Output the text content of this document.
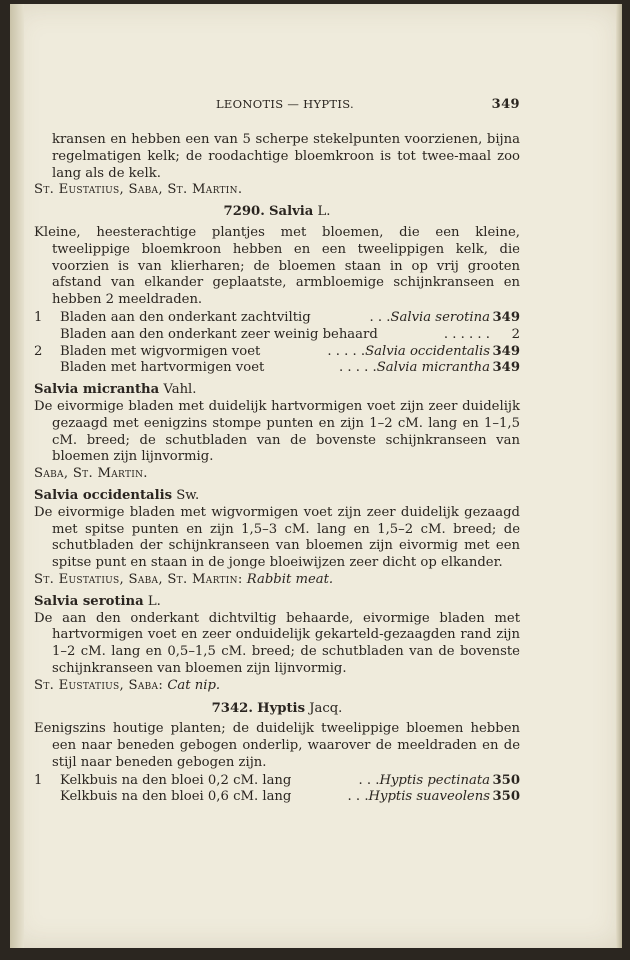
LEONOTIS — HYPTIS.	349

kransen en hebben een van 5 scherpe stekelpunten voorzienen, bijna regelmatigen kelk; de roodachtige bloemkroon is tot twee-maal zoo lang als de kelk.

St. Eustatius, Saba, St. Martin.

7290. Salvia L.

Kleine, heesterachtige plantjes met bloemen, die een kleine, tweelippige bloemkroon hebben en een tweelippigen kelk, die voorzien is van klierharen; de bloemen staan in op vrij grooten afstand van elkander geplaatste, armbloemige schijnkranseen en hebben 2 meeldraden.

1	Bladen aan den onderkant zachtviltig	. . . Salvia serotina 349
Bladen aan den onderkant zeer weinig behaard	. . . . . .	2
2	Bladen met wigvormigen voet	. . . . . Salvia occidentalis 349
Bladen met hartvormigen voet	. . . . . Salvia micrantha 349

Salvia micrantha Vahl.

De eivormige bladen met duidelijk hartvormigen voet zijn zeer duidelijk gezaagd met eenigzins stompe punten en zijn 1–2 cM. lang en 1–1,5 cM. breed; de schutbladen van de bovenste schijnkranseen van bloemen zijn lijnvormig.

Saba, St. Martin.

Salvia occidentalis Sw.

De eivormige bladen met wigvormigen voet zijn zeer duidelijk gezaagd met spitse punten en zijn 1,5–3 cM. lang en 1,5–2 cM. breed; de schutbladen der schijnkranseen van bloemen zijn eivormig met een spitse punt en staan in de jonge bloeiwijzen zeer dicht op elkander.

St. Eustatius, Saba, St. Martin: Rabbit meat.

Salvia serotina L.

De aan den onderkant dichtviltig behaarde, eivormige bladen met hartvormigen voet en zeer onduidelijk gekarteld-gezaagden rand zijn 1–2 cM. lang en 0,5–1,5 cM. breed; de schutbladen van de bovenste schijnkranseen van bloemen zijn lijnvormig.

St. Eustatius, Saba: Cat nip.

7342. Hyptis Jacq.

Eenigszins houtige planten; de duidelijk tweelippige bloemen hebben een naar beneden gebogen onderlip, waarover de meeldraden en de stijl naar beneden gebogen zijn.

1	Kelkbuis na den bloei 0,2 cM. lang	. . . Hyptis pectinata 350
Kelkbuis na den bloei 0,6 cM. lang	. . . Hyptis suaveolens 350
